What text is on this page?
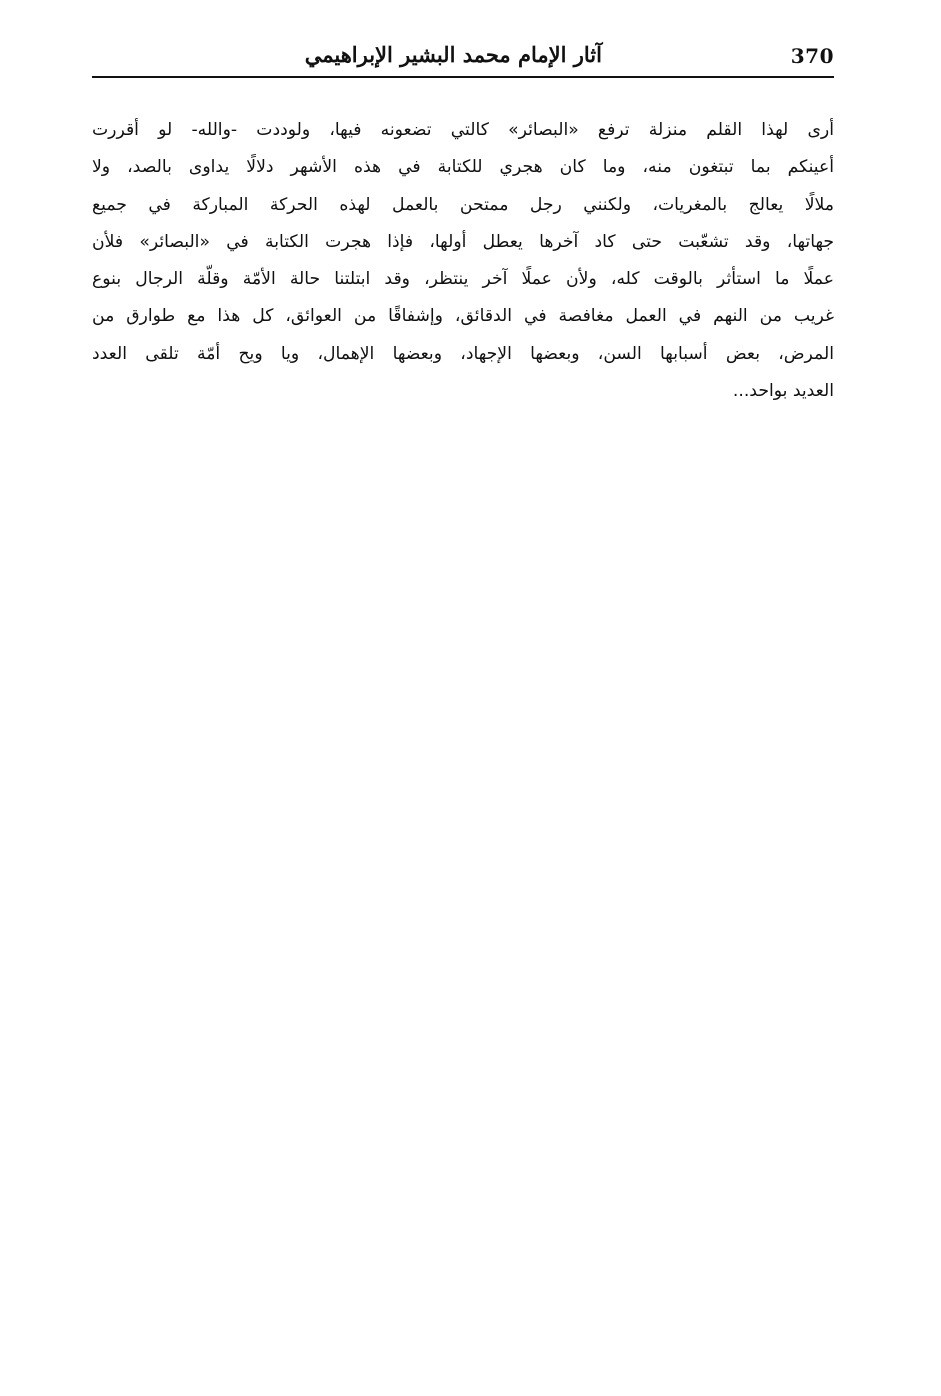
370
آثار الإمام محمد البشير الإبراهيمي
أرى لهذا القلم منزلة ترفع «البصائر» كالتي تضعونه فيها، ولوددت -والله- لو أقررت
أعينكم بما تبتغون منه، وما كان هجري للكتابة في هذه الأشهر دلالًا يداوى بالصد، ولا
ملالًا يعالج بالمغريات، ولكنني رجل ممتحن بالعمل لهذه الحركة المباركة في جميع
جهاتها، وقد تشعّبت حتى كاد آخرها يعطل أولها، فإذا هجرت الكتابة في «البصائر» فلأن
عملًا ما استأثر بالوقت كله، ولأن عملًا آخر ينتظر، وقد ابتلتنا حالة الأمّة وقلّة الرجال بنوع
غريب من النهم في العمل مغافصة في الدقائق، وإشفاقًا من العوائق، كل هذا مع طوارق من
المرض، بعض أسبابها السن، وبعضها الإجهاد، وبعضها الإهمال، ويا ويح أمّة تلقى العدد
العديد بواحد...
